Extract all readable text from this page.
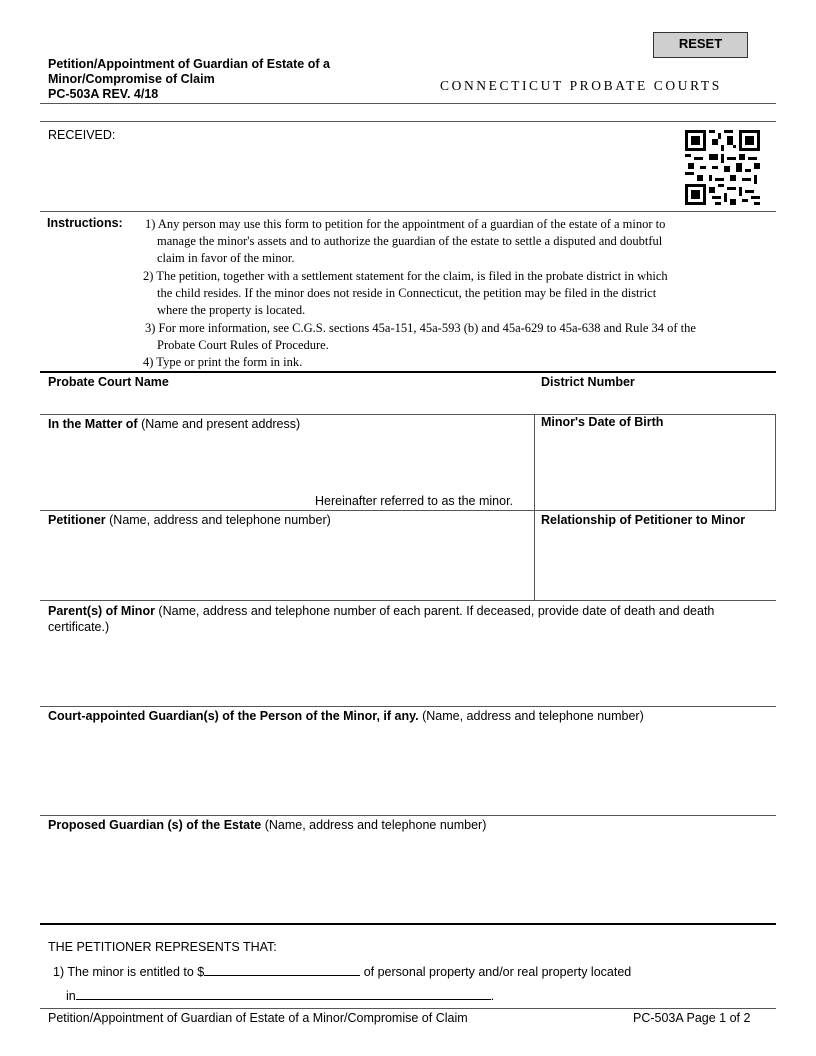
RESET
Petition/Appointment of Guardian of Estate of a
Minor/Compromise of Claim
PC-503A REV. 4/18
CONNECTICUT PROBATE COURTS
RECEIVED:
Instructions: 1) Any person may use this form to petition for the appointment of a guardian of the estate of a minor to
manage the minor's assets and to authorize the guardian of the estate to settle a disputed and doubtful
claim in favor of the minor.
2) The petition, together with a settlement statement for the claim, is filed in the probate district in which
the child resides. If the minor does not reside in Connecticut, the petition may be filed in the district
where the property is located.
3) For more information, see C.G.S. sections 45a-151, 45a-593 (b) and 45a-629 to 45a-638 and Rule 34 of the
Probate Court Rules of Procedure.
4) Type or print the form in ink.
Probate Court Name	District Number
In the Matter of (Name and present address)
Hereinafter referred to as the minor.
Minor's Date of Birth
Petitioner (Name, address and telephone number)	Relationship of Petitioner to Minor
Parent(s) of Minor (Name, address and telephone number of each parent. If deceased, provide date of death and death
certificate.)
Court-appointed Guardian(s) of the Person of the Minor, if any. (Name, address and telephone number)
Proposed Guardian (s) of the Estate (Name, address and telephone number)
THE PETITIONER REPRESENTS THAT:
1) The minor is entitled to $	of personal property and/or real property located
in	.
Petition/Appointment of Guardian of Estate of a Minor/Compromise of Claim	PC-503A Page 1 of 2
